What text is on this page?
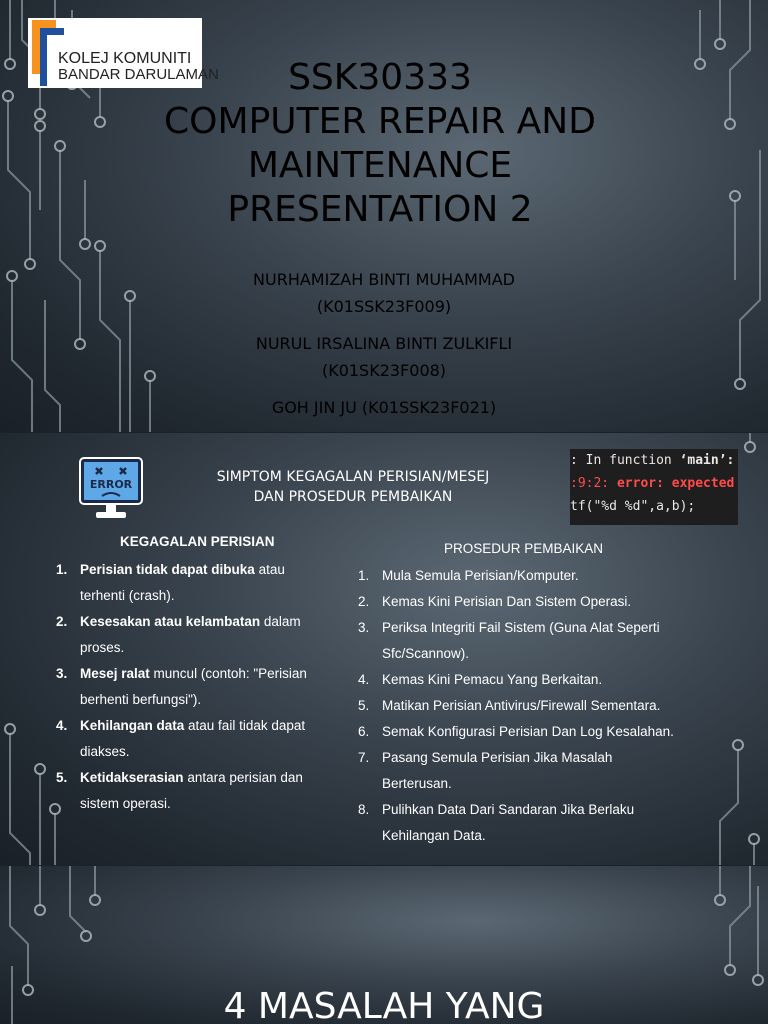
KOLEJ KOMUNITI
BANDAR DARULAMAN	SSK30333
COMPUTER REPAIR AND
MAINTENANCE
PRESENTATION 2

NURHAMIZAH BINTI MUHAMMAD
(K01SSK23F009)

NURUL IRSALINA BINTI ZULKIFLI
(K01SK23F008)

GOH JIN JU (K01SSK23F021)

ERROR	SIMPTOM KEGAGALAN PERISIAN/MESEJ
DAN PROSEDUR PEMBAIKAN
: In function ‘main’:
:9:2: error: expected
tf("%d %d",a,b);
KEGAGALAN PERISIAN
1. Perisian tidak dapat dibuka atau
terhenti (crash).
2. Kesesakan atau kelambatan dalam
proses.
3. Mesej ralat muncul (contoh: "Perisian
berhenti berfungsi").
4. Kehilangan data atau fail tidak dapat
diakses.
5. Ketidakserasian antara perisian dan
sistem operasi.
PROSEDUR PEMBAIKAN
1. Mula Semula Perisian/Komputer.
2. Kemas Kini Perisian Dan Sistem Operasi.
3. Periksa Integriti Fail Sistem (Guna Alat Seperti
Sfc/Scannow).
4. Kemas Kini Pemacu Yang Berkaitan.
5. Matikan Perisian Antivirus/Firewall Sementara.
6. Semak Konfigurasi Perisian Dan Log Kesalahan.
7. Pasang Semula Perisian Jika Masalah
Berterusan.
8. Pulihkan Data Dari Sandaran Jika Berlaku
Kehilangan Data.
4 MASALAH YANG
